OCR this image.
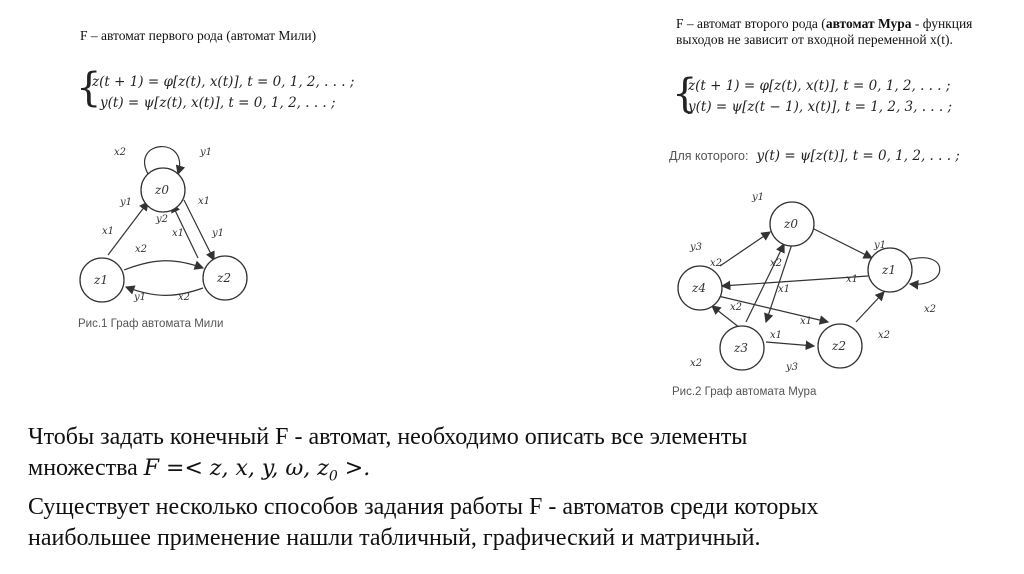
F – автомат первого рода (автомат Мили)
{
z(t + 1) = φ[z(t), x(t)], t = 0, 1, 2, . . . ;
y(t) = ψ[z(t), x(t)], t = 0, 1, 2, . . . ;
F – автомат второго рода (автомат Мура - функция выходов не зависит от входной переменной x(t).
{
z(t + 1) = φ[z(t), x(t)], t = 0, 1, 2, . . . ;
y(t) = ψ[z(t − 1), x(t)], t = 1, 2, 3, . . . ;
Для которого: y(t) = ψ[z(t)], t = 0, 1, 2, . . . ;
z0
z1	z2
x2	y1
y1
x1
y2
x2
x1
x1	y1
y1	x2
Рис.1 Граф автомата Мили
z0
z1
z2
z3
z4
y1
y3
x2	x2
x1
y1
x1
x2
x2
x1
x1	x2
x2	y3
Рис.2 Граф автомата Мура
Чтобы задать конечный F - автомат, необходимо описать все элементы
множества F =< z, x, y, ω, $z_0$ >.
Существует несколько способов задания работы F - автоматов среди которых
наибольшее применение нашли табличный, графический и матричный.
